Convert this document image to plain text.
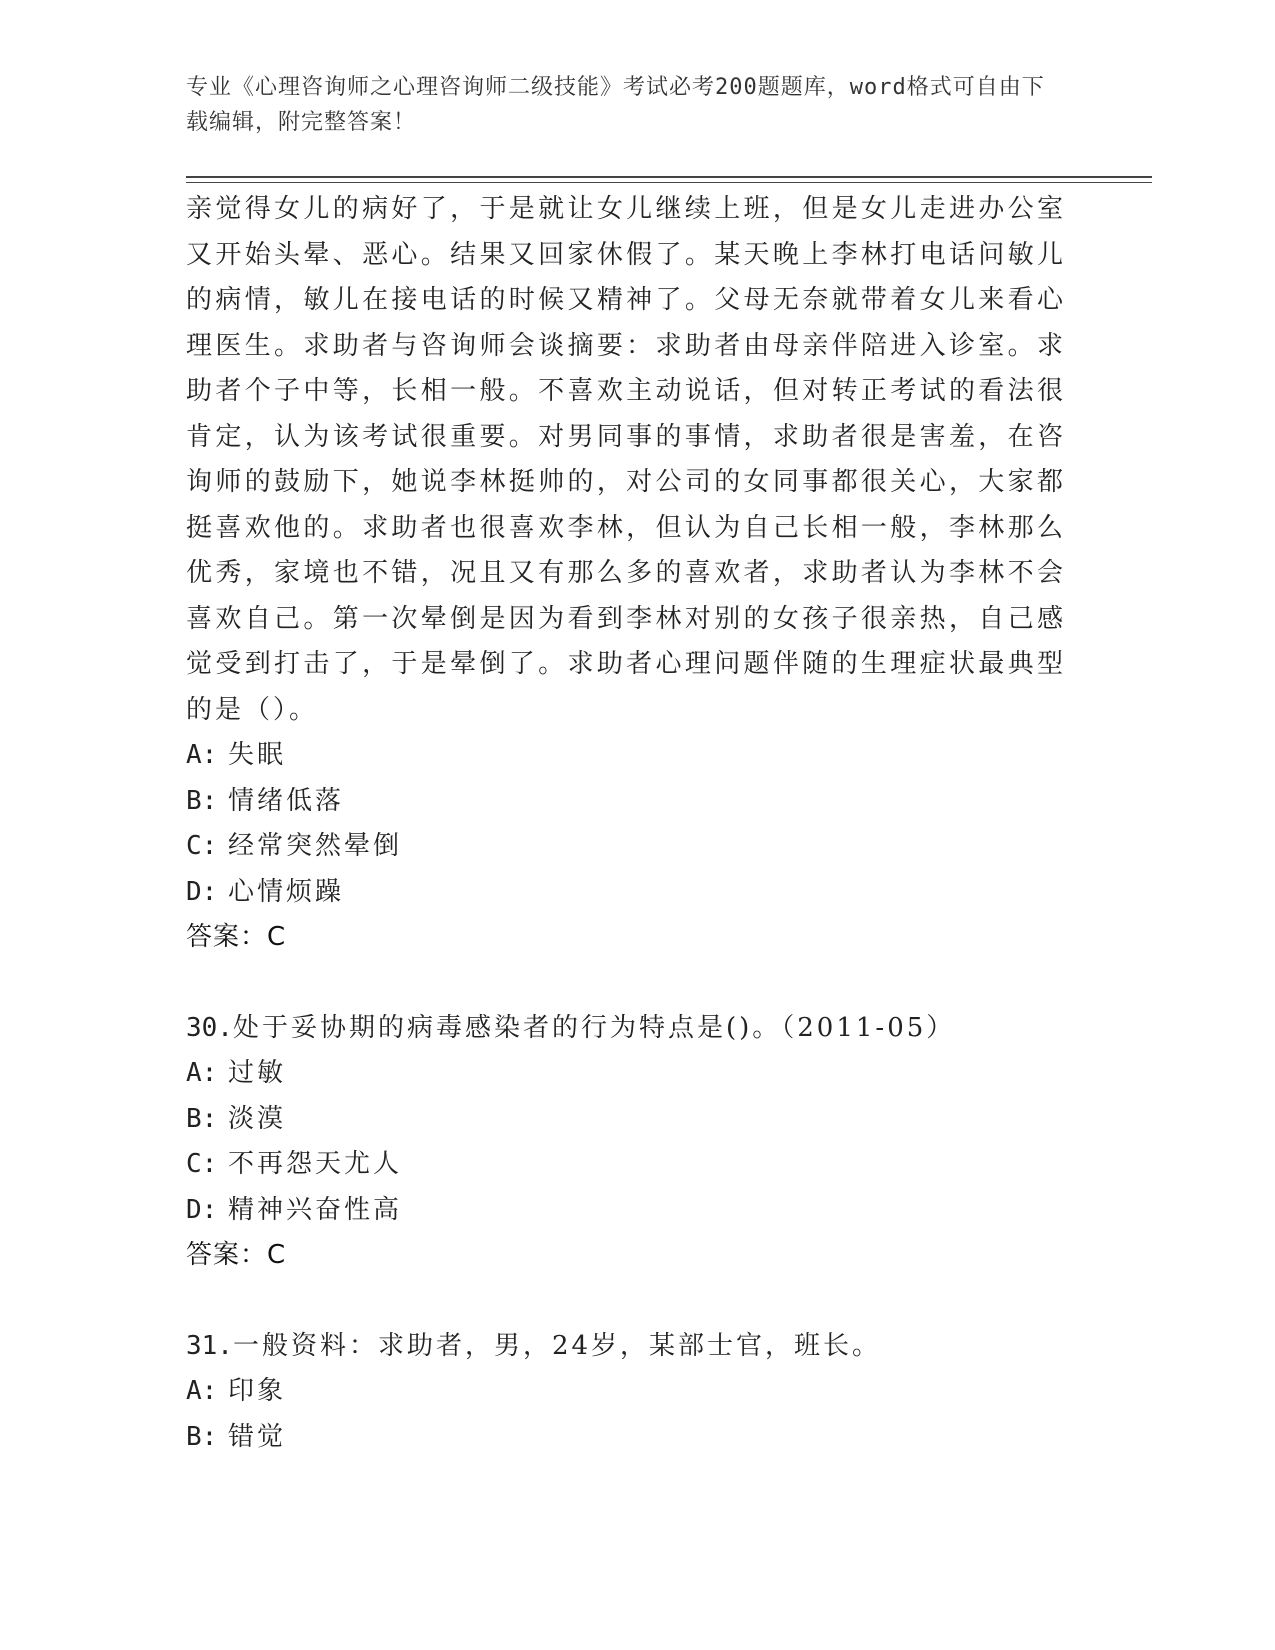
专业《心理咨询师之心理咨询师二级技能》考试必考200题题库，word格式可自由下载编辑，附完整答案！

亲觉得女儿的病好了，于是就让女儿继续上班，但是女儿走进办公室又开始头晕、恶心。结果又回家休假了。某天晚上李林打电话问敏儿的病情，敏儿在接电话的时候又精神了。父母无奈就带着女儿来看心理医生。求助者与咨询师会谈摘要：求助者由母亲伴陪进入诊室。求助者个子中等，长相一般。不喜欢主动说话，但对转正考试的看法很肯定，认为该考试很重要。对男同事的事情，求助者很是害羞，在咨询师的鼓励下，她说李林挺帅的，对公司的女同事都很关心，大家都挺喜欢他的。求助者也很喜欢李林，但认为自己长相一般，李林那么优秀，家境也不错，况且又有那么多的喜欢者，求助者认为李林不会喜欢自己。第一次晕倒是因为看到李林对别的女孩子很亲热，自己感觉受到打击了，于是晕倒了。求助者心理问题伴随的生理症状最典型的是（）。

A: 失眠

B: 情绪低落

C: 经常突然晕倒

D: 心情烦躁

答案：C

30.处于妥协期的病毒感染者的行为特点是()。（2011-05）

A: 过敏

B: 淡漠

C: 不再怨天尤人

D: 精神兴奋性高

答案：C

31.一般资料：求助者，男，24岁，某部士官，班长。

A: 印象

B: 错觉
